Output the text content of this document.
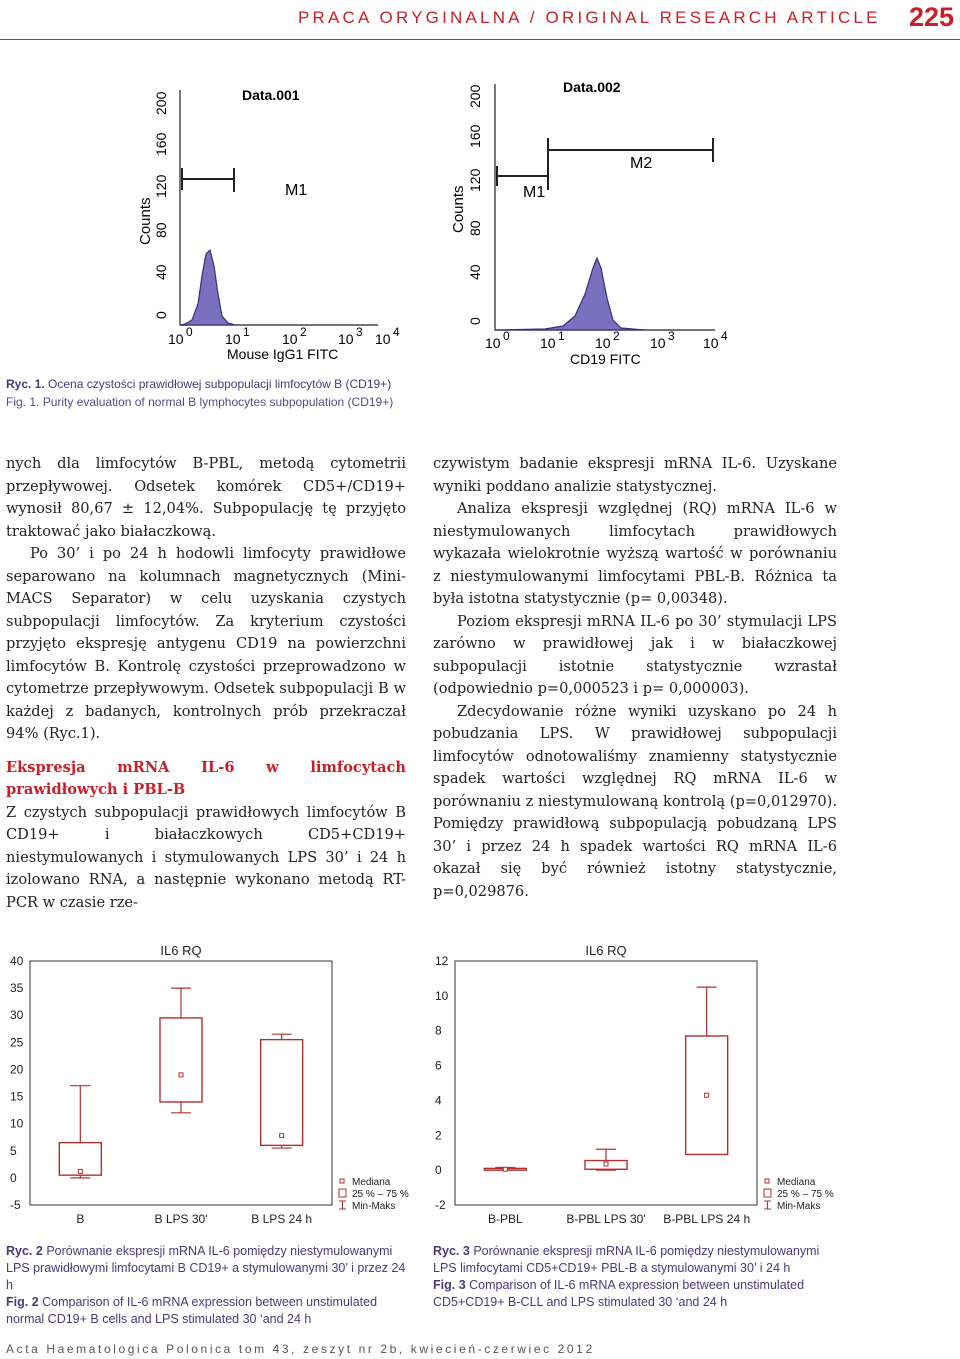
PRACA ORYGINALNA / ORIGINAL RESEARCH ARTICLE 225
Data.001
Counts
0
40
80
120
160
200
M1
10 0 10 1 10 2 10 3 10 4
Mouse IgG1 FITC
Data.002
Counts
0
40
80
120
160
200
M1
M2
10 0 10 1 10 2 10 3 10 4
CD19 FITC
Ryc. 1. Ocena czystości prawidłowej subpopulacji limfocytów B (CD19+)
Fig. 1. Purity evaluation of normal B lymphocytes subpopulation (CD19+)

nych dla limfocytów B-PBL, metodą cytometrii przepływowej. Odsetek komórek CD5+/CD19+ wynosił 80,67 ± 12,04%. Subpopulację tę przyjęto traktować jako białaczkową.

Po 30’ i po 24 h hodowli limfocyty prawidłowe separowano na kolumnach magnetycznych (Mini-MACS Separator) w celu uzyskania czystych subpopulacji limfocytów. Za kryterium czystości przyjęto ekspresję antygenu CD19 na powierzchni limfocytów B. Kontrolę czystości przeprowadzono w cytometrze przepływowym. Odsetek subpopulacji B w każdej z badanych, kontrolnych prób przekraczał 94% (Ryc.1).

Ekspresja mRNA IL-6 w limfocytach prawidłowych i PBL-B

Z czystych subpopulacji prawidłowych limfocytów B CD19+ i białaczkowych CD5+CD19+ niestymulowanych i stymulowanych LPS 30’ i 24 h izolowano RNA, a następnie wykonano metodą RT-PCR w czasie rze-

czywistym badanie ekspresji mRNA IL-6. Uzyskane wyniki poddano analizie statystycznej.

Analiza ekspresji względnej (RQ) mRNA IL-6 w niestymulowanych limfocytach prawidłowych wykazała wielokrotnie wyższą wartość w porównaniu z niestymulowanymi limfocytami PBL-B. Różnica ta była istotna statystycznie (p= 0,00348).

Poziom ekspresji mRNA IL-6 po 30’ stymulacji LPS zarówno w prawidłowej jak i w białaczkowej subpopulacji istotnie statystycznie wzrastał (odpowiednio p=0,000523 i p= 0,000003).

Zdecydowanie różne wyniki uzyskano po 24 h pobudzania LPS. W prawidłowej subpopulacji limfocytów odnotowaliśmy znamienny statystycznie spadek wartości względnej RQ mRNA IL-6 w porównaniu z niestymulowaną kontrolą (p=0,012970). Pomiędzy prawidłową subpopulacją pobudzaną LPS 30’ i przez 24 h spadek wartości RQ mRNA IL-6 okazał się być również istotny statystycznie, p=0,029876.

IL6 RQ
40
35
30
25
20
15
10
5
0
-5
B	B LPS 30'	B LPS 24 h
Mediana
25 % – 75 %
Min-Maks
IL6 RQ
12
10
8
6
4
2
0
-2
B-PBL	B-PBL LPS 30' B-PBL LPS 24 h
Mediana
25 % – 75 %
Min-Maks
Ryc. 2 Porównanie ekspresji mRNA IL-6 pomiędzy niestymulowanymi LPS prawidłowymi limfocytami B CD19+ a stymulowanymi 30’ i przez 24 h
Fig. 2 Comparison of IL-6 mRNA expression between unstimulated normal CD19+ B cells and LPS stimulated 30 ‘and 24 h
Ryc. 3 Porównanie ekspresji mRNA IL-6 pomiędzy niestymulowanymi LPS limfocytami CD5+CD19+ PBL-B a stymulowanymi 30’ i 24 h
Fig. 3 Comparison of IL-6 mRNA expression between unstimulated CD5+CD19+ B-CLL and LPS stimulated 30 ‘and 24 h
Acta Haematologica Polonica tom 43, zeszyt nr 2b, kwiecień-czerwiec 2012
